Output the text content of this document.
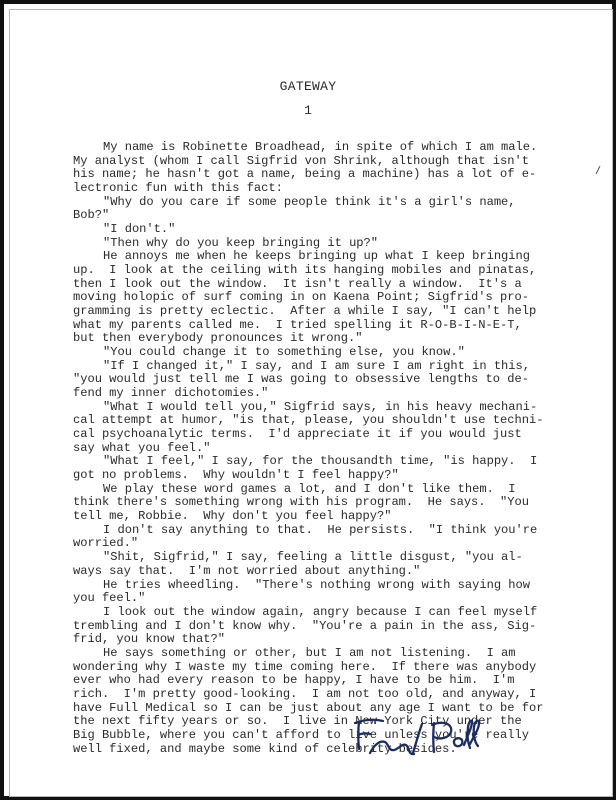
GATEWAY
1
My name is Robinette Broadhead, in spite of which I am male.
My analyst (whom I call Sigfrid von Shrink, although that isn't
his name; he hasn't got a name, being a machine) has a lot of e-
lectronic fun with this fact:
"Why do you care if some people think it's a girl's name,
Bob?"
"I don't."
"Then why do you keep bringing it up?"
He annoys me when he keeps bringing up what I keep bringing
up.  I look at the ceiling with its hanging mobiles and pinatas,
then I look out the window.  It isn't really a window.  It's a
moving holopic of surf coming in on Kaena Point; Sigfrid's pro-
gramming is pretty eclectic.  After a while I say, "I can't help
what my parents called me.  I tried spelling it R-O-B-I-N-E-T,
but then everybody pronounces it wrong."
"You could change it to something else, you know."
"If I changed it," I say, and I am sure I am right in this,
"you would just tell me I was going to obsessive lengths to de-
fend my inner dichotomies."
"What I would tell you," Sigfrid says, in his heavy mechani-
cal attempt at humor, "is that, please, you shouldn't use techni-
cal psychoanalytic terms.  I'd appreciate it if you would just
say what you feel."
"What I feel," I say, for the thousandth time, "is happy.  I
got no problems.  Why wouldn't I feel happy?"
We play these word games a lot, and I don't like them.  I
think there's something wrong with his program.  He says.  "You
tell me, Robbie.  Why don't you feel happy?"
I don't say anything to that.  He persists.  "I think you're
worried."
"Shit, Sigfrid," I say, feeling a little disgust, "you al-
ways say that.  I'm not worried about anything."
He tries wheedling.  "There's nothing wrong with saying how
you feel."
I look out the window again, angry because I can feel myself
trembling and I don't know why.  "You're a pain in the ass, Sig-
frid, you know that?"
He says something or other, but I am not listening.  I am
wondering why I waste my time coming here.  If there was anybody
ever who had every reason to be happy, I have to be him.  I'm
rich.  I'm pretty good-looking.  I am not too old, and anyway, I
have Full Medical so I can be just about any age I want to be for
the next fifty years or so.  I live in New York City under the
Big Bubble, where you can't afford to live unless you're really
well fixed, and maybe some kind of celebrity besides.
